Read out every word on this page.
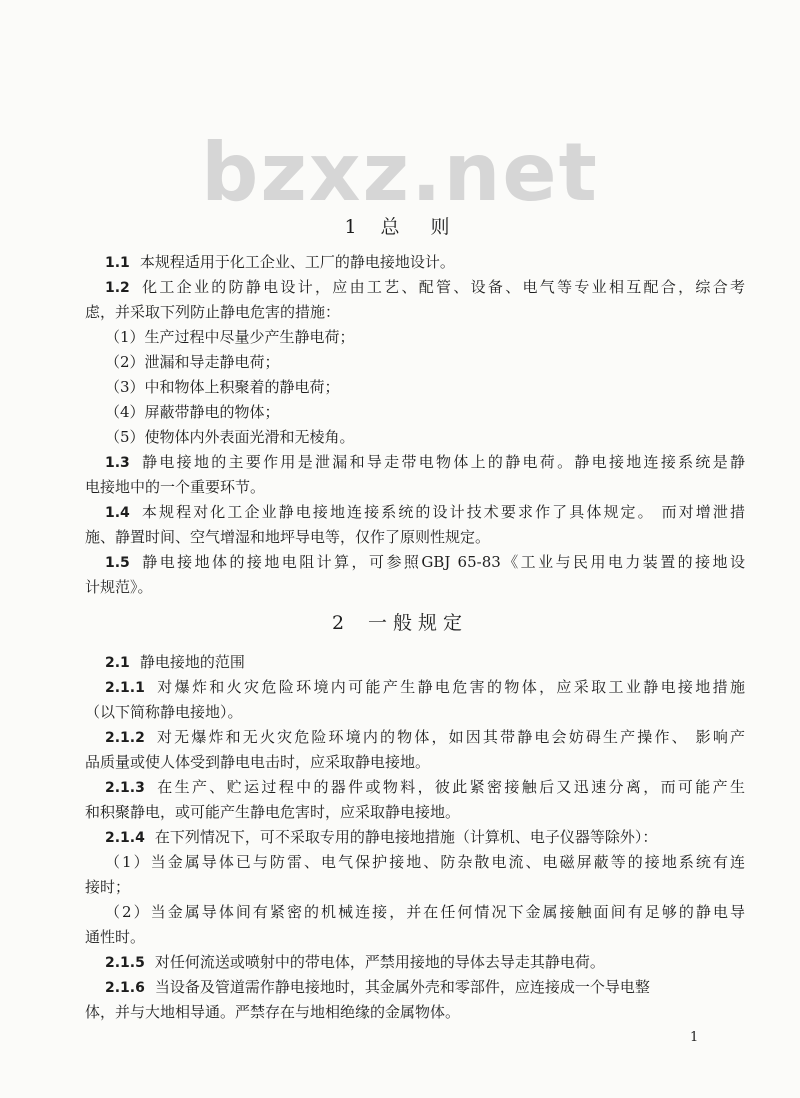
bzxz.net
1 总　则
1.1 本规程适用于化工企业、工厂的静电接地设计。
1.2 化工企业的防静电设计，应由工艺、配管、设备、电气等专业相互配合，综合考
虑，并采取下列防止静电危害的措施：
（1）生产过程中尽量少产生静电荷；
（2）泄漏和导走静电荷；
（3）中和物体上积聚着的静电荷；
（4）屏蔽带静电的物体；
（5）使物体内外表面光滑和无棱角。
1.3 静电接地的主要作用是泄漏和导走带电物体上的静电荷。静电接地连接系统是静
电接地中的一个重要环节。
1.4 本规程对化工企业静电接地连接系统的设计技术要求作了具体规定。 而对增泄措
施、静置时间、空气增湿和地坪导电等，仅作了原则性规定。
1.5 静电接地体的接地电阻计算，可参照GBJ 65-83《工业与民用电力装置的接地设
计规范》。
2 一般规定
2.1 静电接地的范围
2.1.1 对爆炸和火灾危险环境内可能产生静电危害的物体，应采取工业静电接地措施
（以下简称静电接地）。
2.1.2 对无爆炸和无火灾危险环境内的物体，如因其带静电会妨碍生产操作、 影响产
品质量或使人体受到静电电击时，应采取静电接地。
2.1.3 在生产、贮运过程中的器件或物料，彼此紧密接触后又迅速分离，而可能产生
和积聚静电，或可能产生静电危害时，应采取静电接地。
2.1.4 在下列情况下，可不采取专用的静电接地措施（计算机、电子仪器等除外）：
（1）当金属导体已与防雷、电气保护接地、防杂散电流、电磁屏蔽等的接地系统有连
接时；
（2）当金属导体间有紧密的机械连接，并在任何情况下金属接触面间有足够的静电导
通性时。
2.1.5 对任何流送或喷射中的带电体，严禁用接地的导体去导走其静电荷。
2.1.6 当设备及管道需作静电接地时，其金属外壳和零部件，应连接成一个导电整
体，并与大地相导通。严禁存在与地相绝缘的金属物体。
1
